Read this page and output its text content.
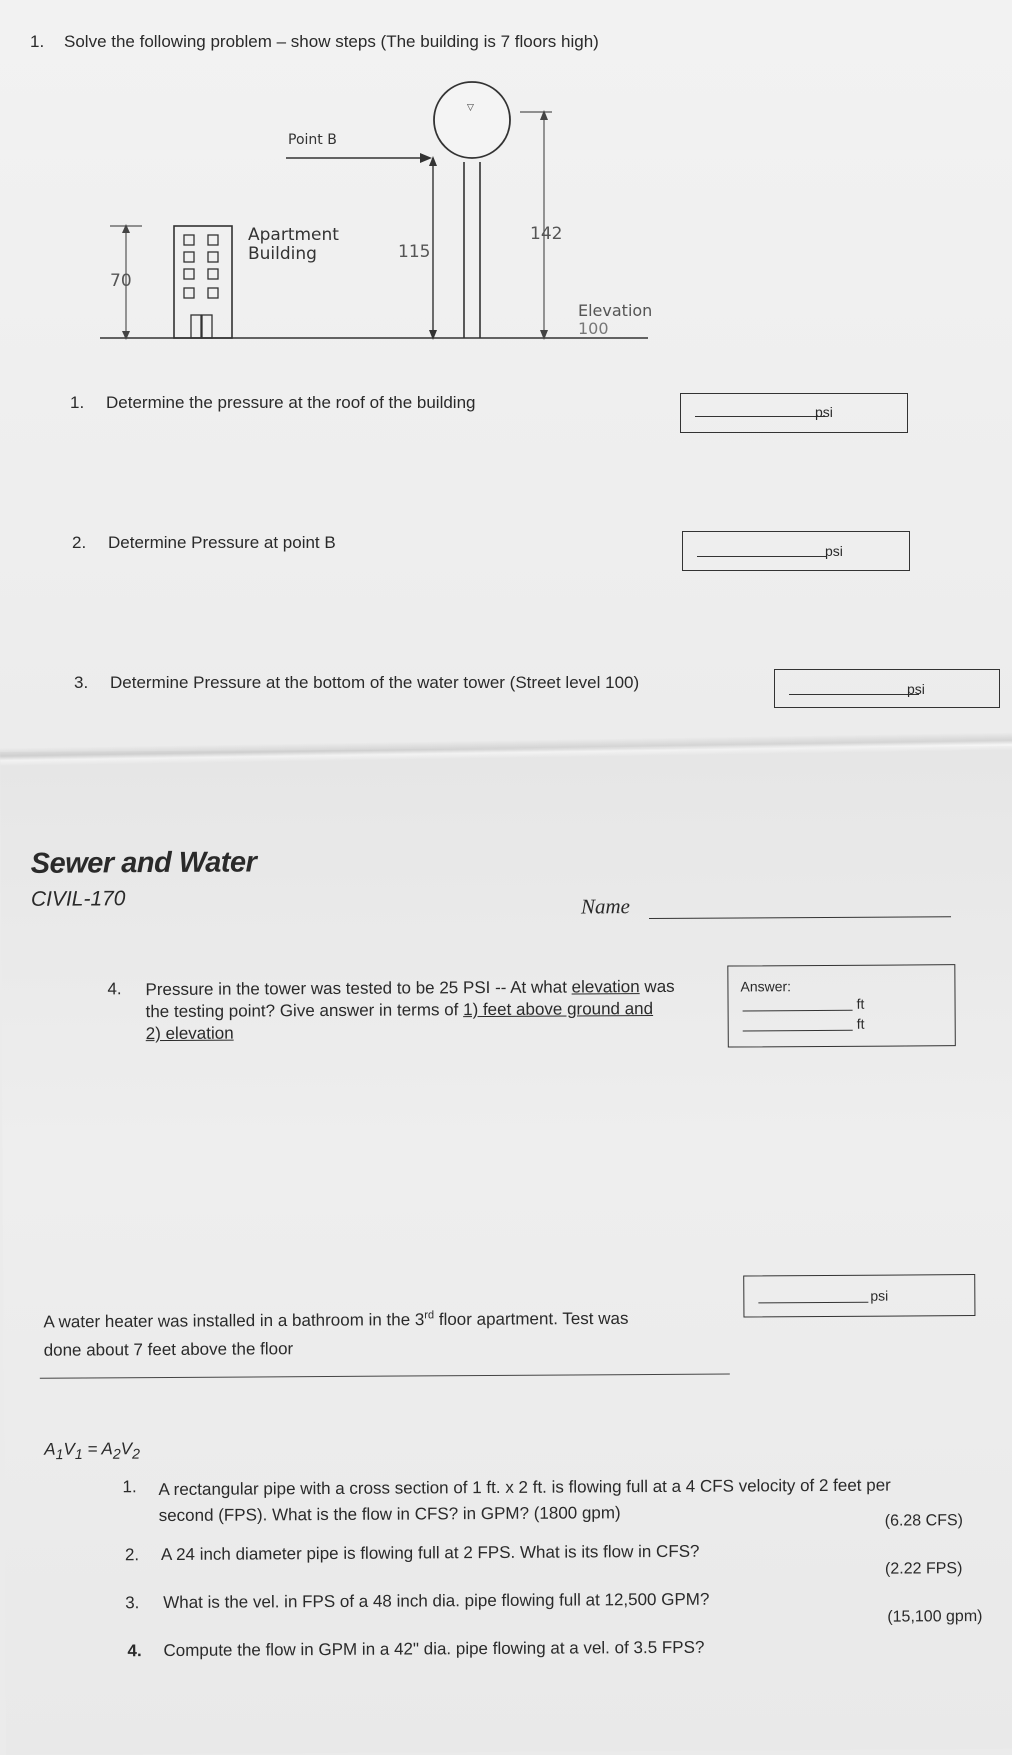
1. Solve the following problem – show steps (The building is 7 floors high)
70
Apartment
Building
Point B
115
▽
142
Elevation
100
1. Determine the pressure at the roof of the building	psi
2. Determine Pressure at point B	psi
3. Determine Pressure at the bottom of the water tower (Street level 100)	psi
Sewer and Water
CIVIL-170	Name
4. Pressure in the tower was tested to be 25 PSI -- At what elevation was
the testing point? Give answer in terms of 1) feet above ground and
2) elevation
Answer:
ft
ft
A water heater was installed in a bathroom in the 3rd floor apartment. Test was
done about 7 feet above the floor
psi
$A_1V_1 = A_2V_2$
1. A rectangular pipe with a cross section of 1 ft. x 2 ft. is flowing full at a 4 CFS velocity of 2 feet per
second (FPS). What is the flow in CFS? in GPM? (1800 gpm)
2. A 24 inch diameter pipe is flowing full at 2 FPS. What is its flow in CFS?
(6.28 CFS)
3. What is the vel. in FPS of a 48 inch dia. pipe flowing full at 12,500 GPM?
(2.22 FPS)
4. Compute the flow in GPM in a 42" dia. pipe flowing at a vel. of 3.5 FPS?
(15,100 gpm)
